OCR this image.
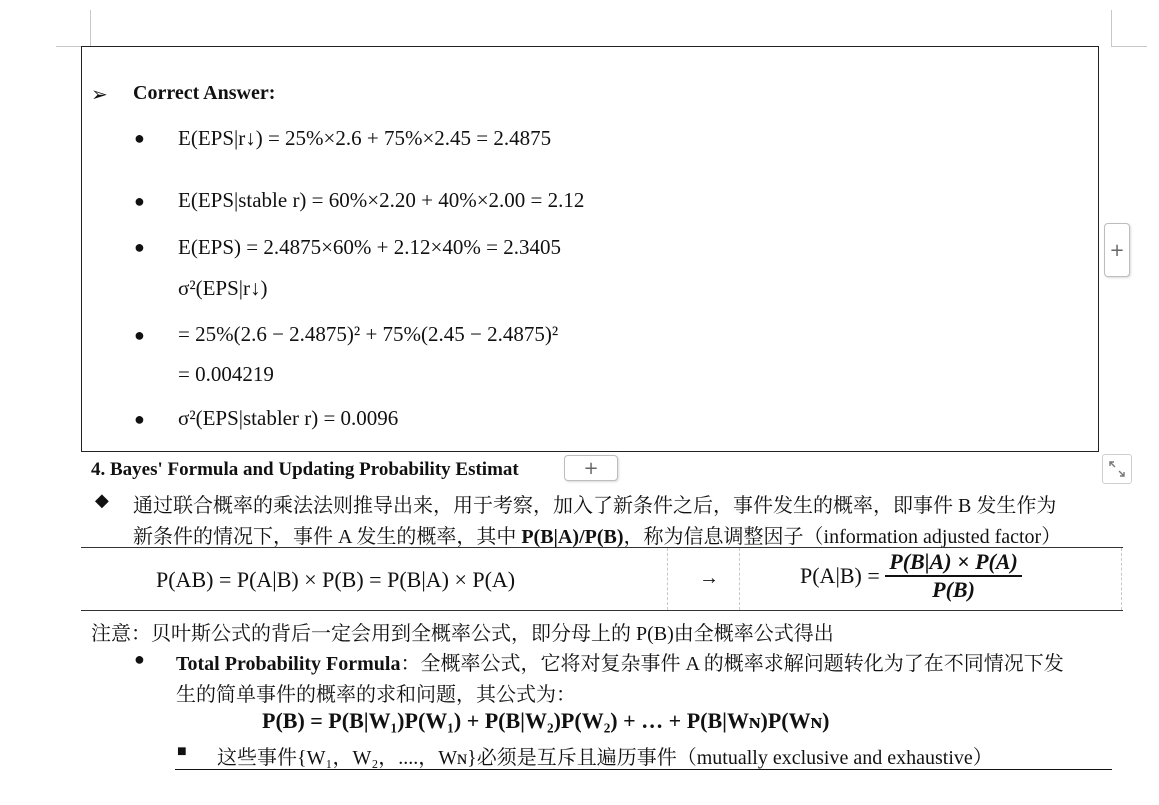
➢ Correct Answer:
● E(EPS|r↓) = 25%×2.6 + 75%×2.45 = 2.4875
● E(EPS|stable r) = 60%×2.20 + 40%×2.00 = 2.12
● E(EPS) = 2.4875×60% + 2.12×40% = 2.3405
σ²(EPS|r↓)
● = 25%(2.6 − 2.4875)² + 75%(2.45 − 2.4875)²
= 0.004219
● σ²(EPS|stabler r) = 0.0096
+
4. Bayes' Formula and Updating Probability Estimat	+
◆ 通过联合概率的乘法法则推导出来，用于考察，加入了新条件之后，事件发生的概率，即事件 B 发生作为
新条件的情况下，事件 A 发生的概率，其中 P(B|A)/P(B)，称为信息调整因子（information adjusted factor）
P(AB) = P(A|B) × P(B) = P(B|A) × P(A)	→	$P(A|B) = \frac{P(B|A) \times P(A)}{P(B)}$
注意：贝叶斯公式的背后一定会用到全概率公式，即分母上的 P(B)由全概率公式得出
● Total Probability Formula：全概率公式，它将对复杂事件 A 的概率求解问题转化为了在不同情况下发
生的简单事件的概率的求和问题，其公式为：
P(B) = P(B|W₁)P(W₁) + P(B|W₂)P(W₂) + … + P(B|Wɴ)P(Wɴ)
■ 这些事件{W₁，W₂，....，Wɴ}必须是互斥且遍历事件（mutually exclusive and exhaustive）
